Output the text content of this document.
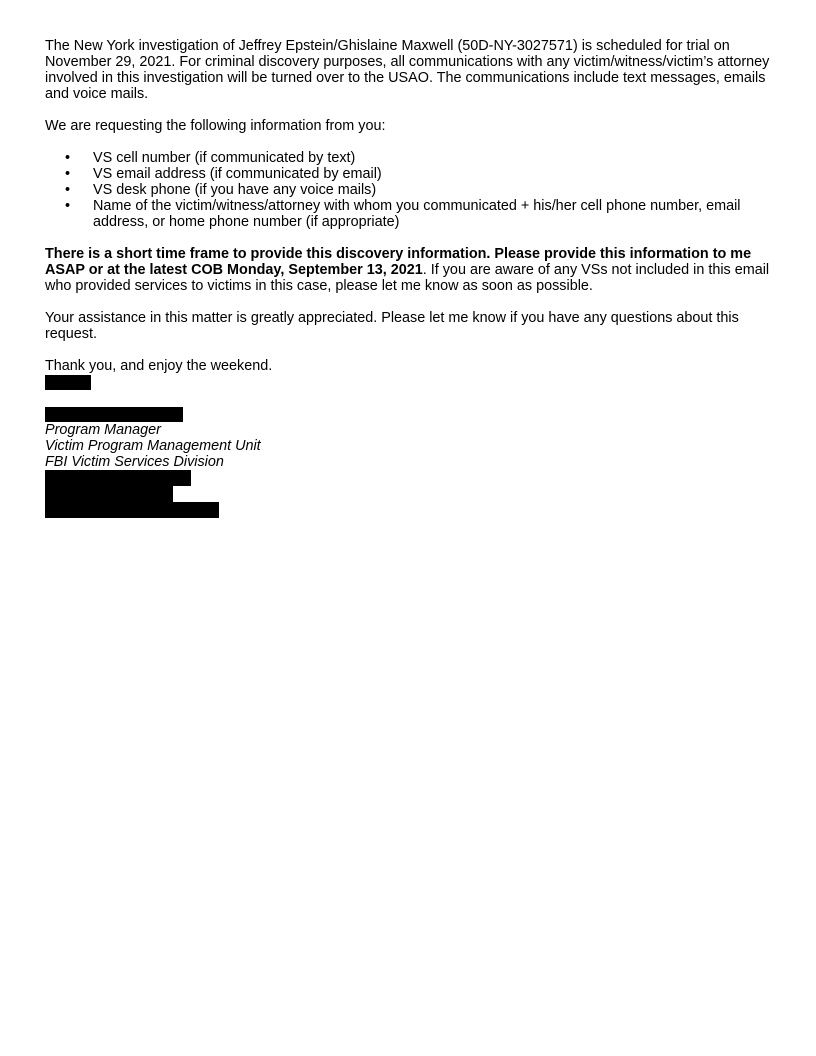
The New York investigation of Jeffrey Epstein/Ghislaine Maxwell (50D-NY-3027571) is scheduled for trial on November 29, 2021. For criminal discovery purposes, all communications with any victim/witness/victim’s attorney involved in this investigation will be turned over to the USAO. The communications include text messages, emails and voice mails.

We are requesting the following information from you:

• VS cell number (if communicated by text)
• VS email address (if communicated by email)
• VS desk phone (if you have any voice mails)
• Name of the victim/witness/attorney with whom you communicated + his/her cell phone number, email address, or home phone number (if appropriate)

There is a short time frame to provide this discovery information. Please provide this information to me ASAP or at the latest COB Monday, September 13, 2021. If you are aware of any VSs not included in this email who provided services to victims in this case, please let me know as soon as possible.

Your assistance in this matter is greatly appreciated. Please let me know if you have any questions about this request.

Thank you, and enjoy the weekend.

Program Manager

Victim Program Management Unit

FBI Victim Services Division
